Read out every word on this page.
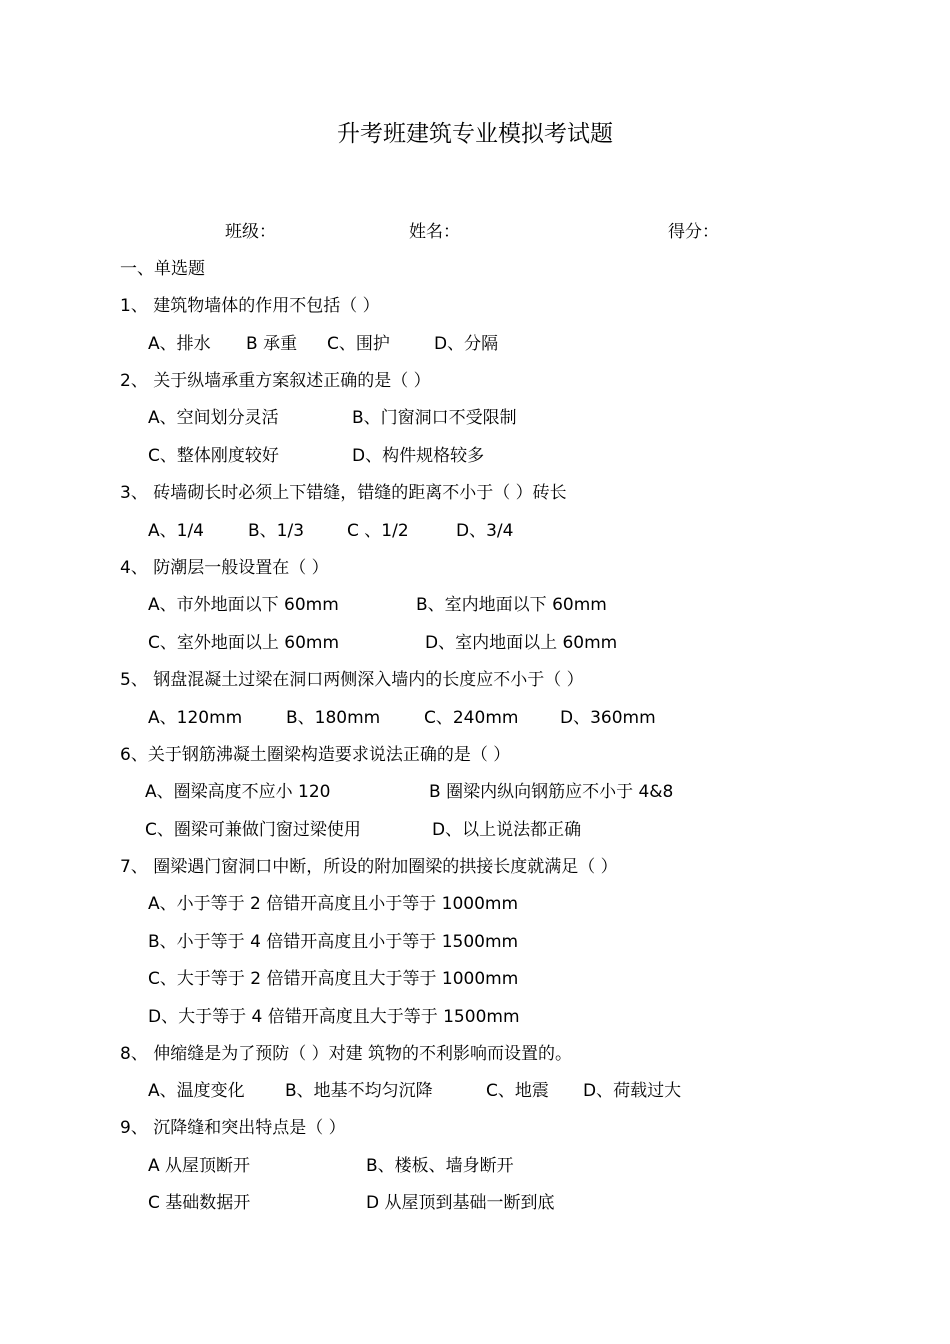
升考班建筑专业模拟考试题
班级：	姓名：	得分：
一、单选题
1、 建筑物墙体的作用不包括（ ）
A、排水 B 承重 C、围护	D、分隔
2、 关于纵墙承重方案叙述正确的是（ ）
A、空间划分灵活	B、门窗洞口不受限制
C、整体刚度较好	D、构件规格较多
3、 砖墙砌长时必须上下错缝，错缝的距离不小于（ ）砖长
A、1/4	B、1/3	C 、1/2	D、3/4
4、 防潮层一般设置在（ ）
A、市外地面以下 60mm	B、室内地面以下 60mm
C、室外地面以上 60mm	D、室内地面以上 60mm
5、 钢盘混凝土过梁在洞口两侧深入墙内的长度应不小于（ ）
A、120mm	B、180mm	C、240mm D、360mm
6、关于钢筋沸凝土圈梁构造要求说法正确的是（ ）
A、圈梁高度不应小 120	B 圈梁内纵向钢筋应不小于 4&8
C、圈梁可兼做门窗过梁使用	D、以上说法都正确
7、 圈梁遇门窗洞口中断，所设的附加圈梁的拱接长度就满足（ ）
A、小于等于 2 倍错开高度且小于等于 1000mm
B、小于等于 4 倍错开高度且小于等于 1500mm
C、大于等于 2 倍错开高度且大于等于 1000mm
D、大于等于 4 倍错开高度且大于等于 1500mm
8、 伸缩缝是为了预防（ ）对建 筑物的不利影响而设置的。
A、温度变化 B、地基不均匀沉降	C、地震 D、荷载过大
9、 沉降缝和突出特点是（ ）
A 从屋顶断开	B、楼板、墙身断开
C 基础数据开	D 从屋顶到基础一断到底
